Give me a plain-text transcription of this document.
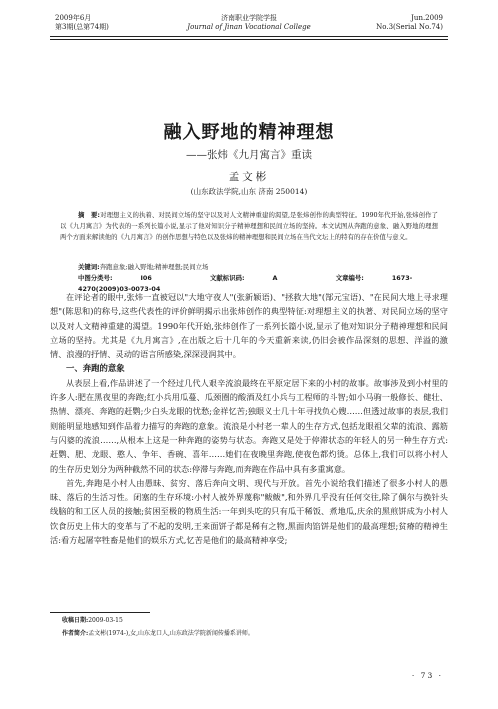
2009年6月
第3期(总第74期)
济南职业学院学报
Journal of Jinan Vocational College
Jun.2009
No.3(Serial No.74)
融入野地的精神理想
——张炜《九月寓言》重读
孟文彬
(山东政法学院,山东 济南 250014)
摘　要:对理想主义的执着、对民间立场的坚守以及对人文精神重建的渴望,是张炜创作的典型特征。1990年代开始,张炜创作了以《九月寓言》为代表的一系列长篇小说,显示了他对知识分子精神理想和民间立场的坚持。本文试图从奔跑的意象、融入野地的理想两个方面来解读他的《九月寓言》的创作思想与特色以及张炜的精神理想和民间立场在当代文坛上的特有的存在价值与意义。
关键词:奔跑意象;融入野地;精神理想;民间立场
中图分类号:	I06	文献标识码:	A	文章编号:	1673-4270(2009)03-0073-04

在评论者的眼中,张炜一直被冠以"大地守夜人"(张新颖语)、"拯救大地"(郜元宝语)、"在民间大地上寻求理想"(陈思和)的称号,这些代表性的评价鲜明揭示出张炜创作的典型特征:对理想主义的执著、对民间立场的坚守以及对人文精神重建的渴望。1990年代开始,张炜创作了一系列长篇小说,显示了他对知识分子精神理想和民间立场的坚持。尤其是《九月寓言》,在出版之后十几年的今天重新来读,仍旧会被作品深刻的思想、洋溢的激情、浪漫的抒情、灵动的语言所感染,深深浸润其中。

一、奔跑的意象

从表层上看,作品讲述了一个经过几代人艰辛流浪最终在平原定居下来的小村的故事。故事涉及到小村里的许多人:肥在黑夜里的奔跑;红小兵用瓜蔓、瓜颈圈的酸酒及红小兵与工程师的斗智;如小马驹一般修长、健壮、热情、漂亮、奔跑的赶鹦;少白头龙眼的忧愁;金祥忆苦;独眼义士几十年寻找负心嫂……但透过故事的表层,我们则能明显地感知到作品着力描写的奔跑的意象。流浪是小村老一辈人的生存方式,包括龙眼祖父辈的流浪、露筋与闪婆的流浪……,从根本上这是一种奔跑的姿势与状态。奔跑又是处于停滞状态的年轻人的另一种生存方式:赶鹦、肥、龙眼、憨人、争年、香碗、喜年……她们在夜晚里奔跑,使夜色都灼烫。总体上,我们可以将小村人的生存历史划分为两种截然不同的状态:停滞与奔跑,而奔跑在作品中具有多重寓意。

首先,奔跑是小村人由愚昧、贫穷、落后奔向文明、现代与开放。首先小说给我们描述了很多小村人的愚昧、落后的生活习性。闭塞的生存环境:小村人被外界蔑称"鲅鲅",和外界几乎没有任何交往,除了偶尔与换针头线脑的和工区人员的接触;贫困至极的物质生活:一年到头吃的只有瓜干稀饭、煮地瓜,庆余的黑煎饼成为小村人饮食历史上伟大的变革与了不起的发明,王来面饼子都是稀有之物,黑面肉馅饼是他们的最高理想;贫瘠的精神生活:看方起屠宰牲畜是他们的娱乐方式,忆苦是他们的最高精神享受;

收稿日期:2009-03-15
作者简介:孟文彬(1974-),女,山东龙口人,山东政法学院新闻传播系讲师。
· 73 ·
